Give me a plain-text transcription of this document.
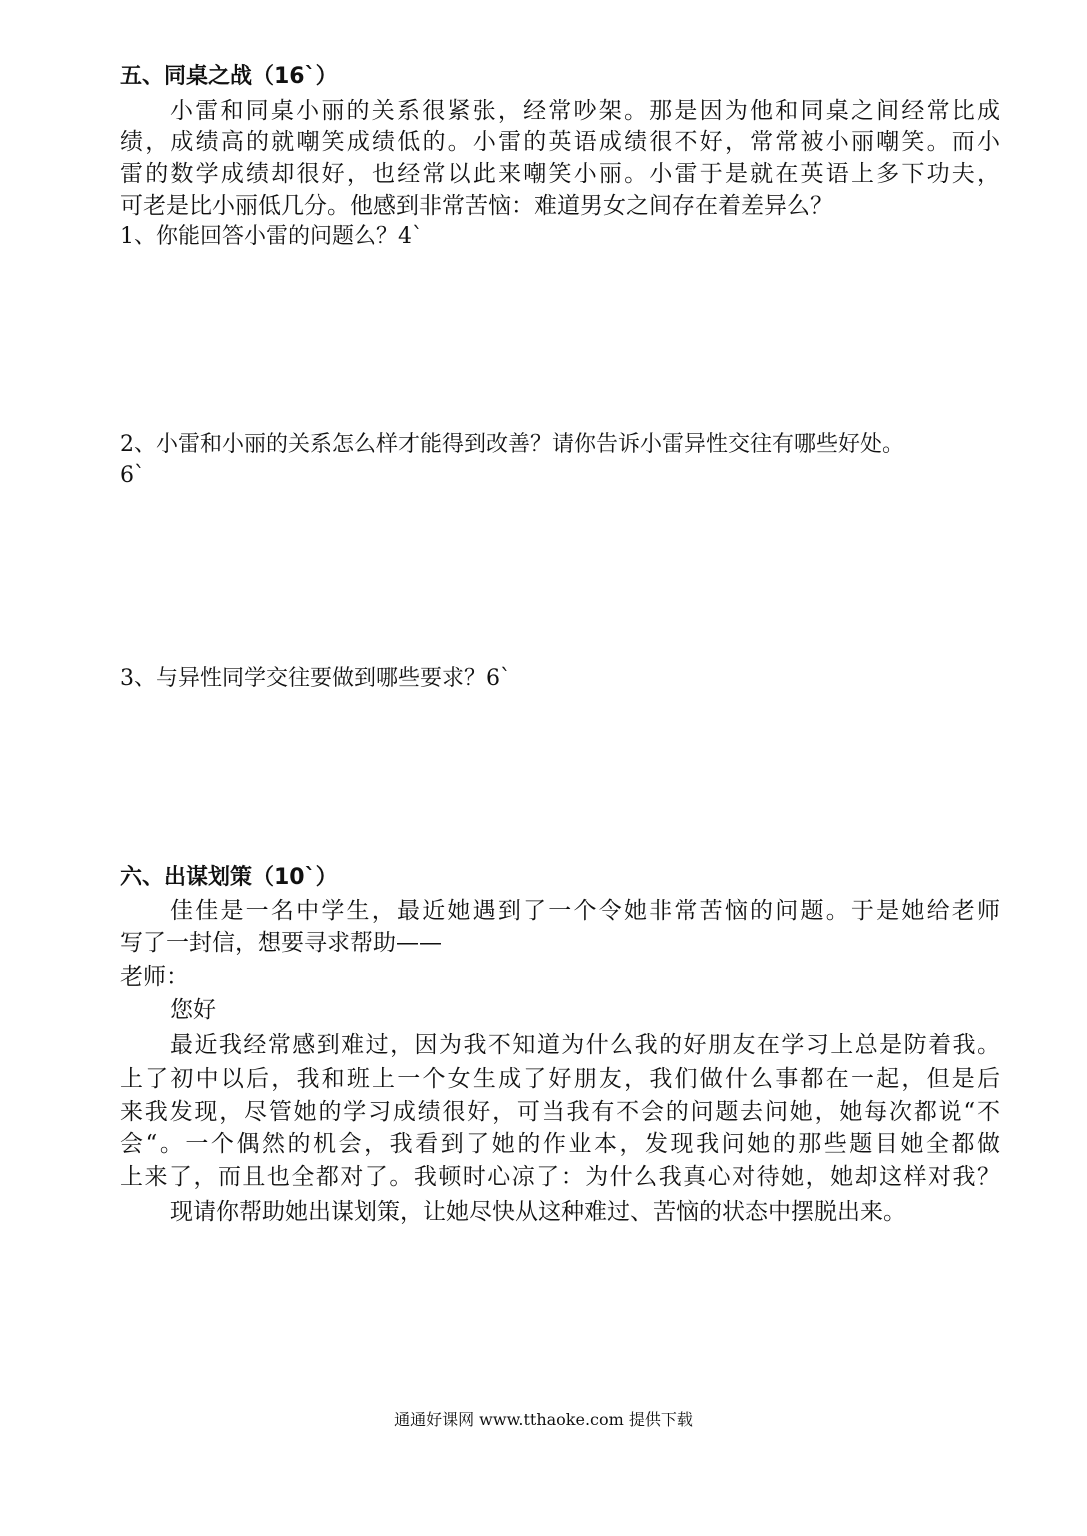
五、同桌之战（16`）
小雷和同桌小丽的关系很紧张，经常吵架。那是因为他和同桌之间经常比成
绩，成绩高的就嘲笑成绩低的。小雷的英语成绩很不好，常常被小丽嘲笑。而小
雷的数学成绩却很好，也经常以此来嘲笑小丽。小雷于是就在英语上多下功夫，
可老是比小丽低几分。他感到非常苦恼：难道男女之间存在着差异么？
1、你能回答小雷的问题么？4`
2、小雷和小丽的关系怎么样才能得到改善？请你告诉小雷异性交往有哪些好处。
6`
3、与异性同学交往要做到哪些要求？6`
六、出谋划策（10`）
佳佳是一名中学生，最近她遇到了一个令她非常苦恼的问题。于是她给老师
写了一封信，想要寻求帮助——
老师：
您好
最近我经常感到难过，因为我不知道为什么我的好朋友在学习上总是防着我。
上了初中以后，我和班上一个女生成了好朋友，我们做什么事都在一起，但是后
来我发现，尽管她的学习成绩很好，可当我有不会的问题去问她，她每次都说“不
会“。一个偶然的机会，我看到了她的作业本，发现我问她的那些题目她全都做
上来了，而且也全都对了。我顿时心凉了：为什么我真心对待她，她却这样对我？
现请你帮助她出谋划策，让她尽快从这种难过、苦恼的状态中摆脱出来。
通通好课网 www.tthaoke.com 提供下载
